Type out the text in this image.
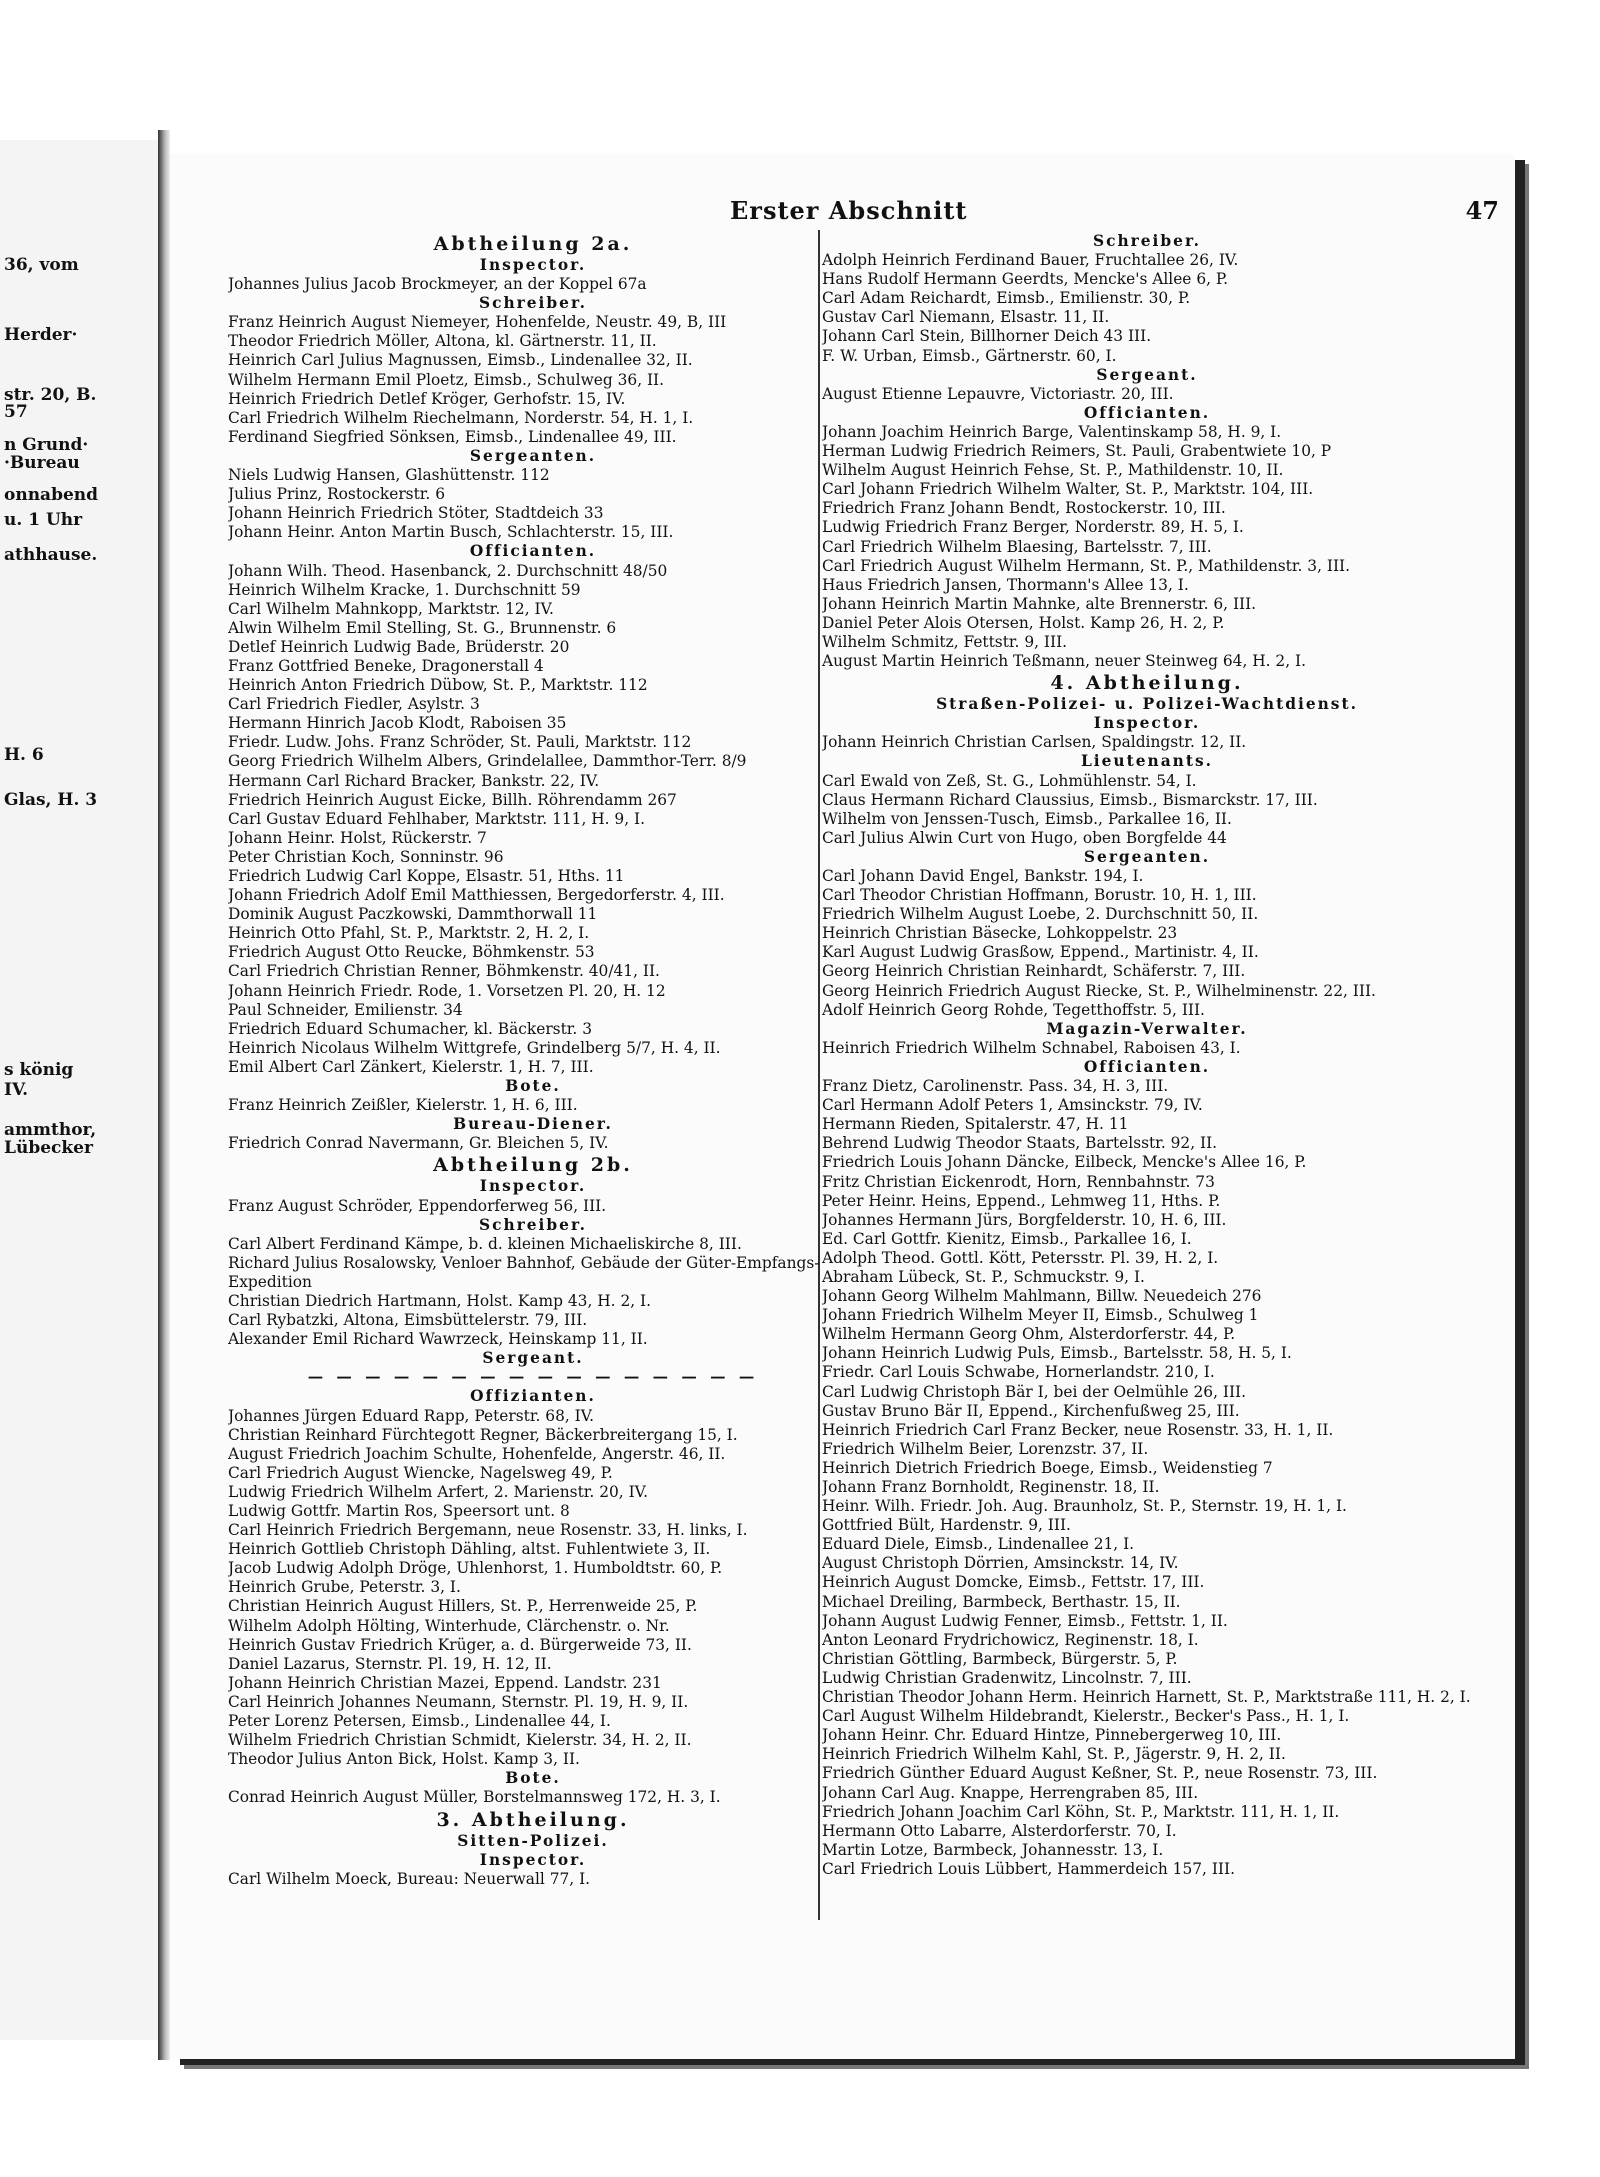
36, vom
Herder·
str. 20, B.
57
n Grund·
·Bureau
onnabend
u. 1 Uhr
athhause.
H. 6
Glas, H. 3
s könig
IV.
ammthor,
Lübecker
Erster Abschnitt	47
Abtheilung 2a.
Inspector.
Johannes Julius Jacob Brockmeyer, an der Koppel 67a
Schreiber.
Franz Heinrich August Niemeyer, Hohenfelde, Neustr. 49, B, III
Theodor Friedrich Möller, Altona, kl. Gärtnerstr. 11, II.
Heinrich Carl Julius Magnussen, Eimsb., Lindenallee 32, II.
Wilhelm Hermann Emil Ploetz, Eimsb., Schulweg 36, II.
Heinrich Friedrich Detlef Kröger, Gerhofstr. 15, IV.
Carl Friedrich Wilhelm Riechelmann, Norderstr. 54, H. 1, I.
Ferdinand Siegfried Sönksen, Eimsb., Lindenallee 49, III.
Sergeanten.
Niels Ludwig Hansen, Glashüttenstr. 112
Julius Prinz, Rostockerstr. 6
Johann Heinrich Friedrich Stöter, Stadtdeich 33
Johann Heinr. Anton Martin Busch, Schlachterstr. 15, III.
Officianten.
Johann Wilh. Theod. Hasenbanck, 2. Durchschnitt 48/50
Heinrich Wilhelm Kracke, 1. Durchschnitt 59
Carl Wilhelm Mahnkopp, Marktstr. 12, IV.
Alwin Wilhelm Emil Stelling, St. G., Brunnenstr. 6
Detlef Heinrich Ludwig Bade, Brüderstr. 20
Franz Gottfried Beneke, Dragonerstall 4
Heinrich Anton Friedrich Dübow, St. P., Marktstr. 112
Carl Friedrich Fiedler, Asylstr. 3
Hermann Hinrich Jacob Klodt, Raboisen 35
Friedr. Ludw. Johs. Franz Schröder, St. Pauli, Marktstr. 112
Georg Friedrich Wilhelm Albers, Grindelallee, Dammthor-Terr. 8/9
Hermann Carl Richard Bracker, Bankstr. 22, IV.
Friedrich Heinrich August Eicke, Billh. Röhrendamm 267
Carl Gustav Eduard Fehlhaber, Marktstr. 111, H. 9, I.
Johann Heinr. Holst, Rückerstr. 7
Peter Christian Koch, Sonninstr. 96
Friedrich Ludwig Carl Koppe, Elsastr. 51, Hths. 11
Johann Friedrich Adolf Emil Matthiessen, Bergedorferstr. 4, III.
Dominik August Paczkowski, Dammthorwall 11
Heinrich Otto Pfahl, St. P., Marktstr. 2, H. 2, I.
Friedrich August Otto Reucke, Böhmkenstr. 53
Carl Friedrich Christian Renner, Böhmkenstr. 40/41, II.
Johann Heinrich Friedr. Rode, 1. Vorsetzen Pl. 20, H. 12
Paul Schneider, Emilienstr. 34
Friedrich Eduard Schumacher, kl. Bäckerstr. 3
Heinrich Nicolaus Wilhelm Wittgrefe, Grindelberg 5/7, H. 4, II.
Emil Albert Carl Zänkert, Kielerstr. 1, H. 7, III.
Bote.
Franz Heinrich Zeißler, Kielerstr. 1, H. 6, III.
Bureau-Diener.
Friedrich Conrad Navermann, Gr. Bleichen 5, IV.
Abtheilung 2b.
Inspector.
Franz August Schröder, Eppendorferweg 56, III.
Schreiber.
Carl Albert Ferdinand Kämpe, b. d. kleinen Michaeliskirche 8, III.
Richard Julius Rosalowsky, Venloer Bahnhof, Gebäude der Güter-Empfangs-Expedition
Christian Diedrich Hartmann, Holst. Kamp 43, H. 2, I.
Carl Rybatzki, Altona, Eimsbüttelerstr. 79, III.
Alexander Emil Richard Wawrzeck, Heinskamp 11, II.
Sergeant.
— — — — — — — — — — — — — — — —
Offizianten.
Johannes Jürgen Eduard Rapp, Peterstr. 68, IV.
Christian Reinhard Fürchtegott Regner, Bäckerbreitergang 15, I.
August Friedrich Joachim Schulte, Hohenfelde, Angerstr. 46, II.
Carl Friedrich August Wiencke, Nagelsweg 49, P.
Ludwig Friedrich Wilhelm Arfert, 2. Marienstr. 20, IV.
Ludwig Gottfr. Martin Ros, Speersort unt. 8
Carl Heinrich Friedrich Bergemann, neue Rosenstr. 33, H. links, I.
Heinrich Gottlieb Christoph Dähling, altst. Fuhlentwiete 3, II.
Jacob Ludwig Adolph Dröge, Uhlenhorst, 1. Humboldtstr. 60, P.
Heinrich Grube, Peterstr. 3, I.
Christian Heinrich August Hillers, St. P., Herrenweide 25, P.
Wilhelm Adolph Hölting, Winterhude, Clärchenstr. o. Nr.
Heinrich Gustav Friedrich Krüger, a. d. Bürgerweide 73, II.
Daniel Lazarus, Sternstr. Pl. 19, H. 12, II.
Johann Heinrich Christian Mazei, Eppend. Landstr. 231
Carl Heinrich Johannes Neumann, Sternstr. Pl. 19, H. 9, II.
Peter Lorenz Petersen, Eimsb., Lindenallee 44, I.
Wilhelm Friedrich Christian Schmidt, Kielerstr. 34, H. 2, II.
Theodor Julius Anton Bick, Holst. Kamp 3, II.
Bote.
Conrad Heinrich August Müller, Borstelmannsweg 172, H. 3, I.
3. Abtheilung.
Sitten-Polizei.
Inspector.
Carl Wilhelm Moeck, Bureau: Neuerwall 77, I.
Schreiber.
Adolph Heinrich Ferdinand Bauer, Fruchtallee 26, IV.
Hans Rudolf Hermann Geerdts, Mencke's Allee 6, P.
Carl Adam Reichardt, Eimsb., Emilienstr. 30, P.
Gustav Carl Niemann, Elsastr. 11, II.
Johann Carl Stein, Billhorner Deich 43 III.
F. W. Urban, Eimsb., Gärtnerstr. 60, I.
Sergeant.
August Etienne Lepauvre, Victoriastr. 20, III.
Officianten.
Johann Joachim Heinrich Barge, Valentinskamp 58, H. 9, I.
Herman Ludwig Friedrich Reimers, St. Pauli, Grabentwiete 10, P
Wilhelm August Heinrich Fehse, St. P., Mathildenstr. 10, II.
Carl Johann Friedrich Wilhelm Walter, St. P., Marktstr. 104, III.
Friedrich Franz Johann Bendt, Rostockerstr. 10, III.
Ludwig Friedrich Franz Berger, Norderstr. 89, H. 5, I.
Carl Friedrich Wilhelm Blaesing, Bartelsstr. 7, III.
Carl Friedrich August Wilhelm Hermann, St. P., Mathildenstr. 3, III.
Haus Friedrich Jansen, Thormann's Allee 13, I.
Johann Heinrich Martin Mahnke, alte Brennerstr. 6, III.
Daniel Peter Alois Otersen, Holst. Kamp 26, H. 2, P.
Wilhelm Schmitz, Fettstr. 9, III.
August Martin Heinrich Teßmann, neuer Steinweg 64, H. 2, I.
4. Abtheilung.
Straßen-Polizei- u. Polizei-Wachtdienst.
Inspector.
Johann Heinrich Christian Carlsen, Spaldingstr. 12, II.
Lieutenants.
Carl Ewald von Zeß, St. G., Lohmühlenstr. 54, I.
Claus Hermann Richard Claussius, Eimsb., Bismarckstr. 17, III.
Wilhelm von Jenssen-Tusch, Eimsb., Parkallee 16, II.
Carl Julius Alwin Curt von Hugo, oben Borgfelde 44
Sergeanten.
Carl Johann David Engel, Bankstr. 194, I.
Carl Theodor Christian Hoffmann, Borustr. 10, H. 1, III.
Friedrich Wilhelm August Loebe, 2. Durchschnitt 50, II.
Heinrich Christian Bäsecke, Lohkoppelstr. 23
Karl August Ludwig Grasßow, Eppend., Martinistr. 4, II.
Georg Heinrich Christian Reinhardt, Schäferstr. 7, III.
Georg Heinrich Friedrich August Riecke, St. P., Wilhelminenstr. 22, III.
Adolf Heinrich Georg Rohde, Tegetthoffstr. 5, III.
Magazin-Verwalter.
Heinrich Friedrich Wilhelm Schnabel, Raboisen 43, I.
Officianten.
Franz Dietz, Carolinenstr. Pass. 34, H. 3, III.
Carl Hermann Adolf Peters 1, Amsinckstr. 79, IV.
Hermann Rieden, Spitalerstr. 47, H. 11
Behrend Ludwig Theodor Staats, Bartelsstr. 92, II.
Friedrich Louis Johann Däncke, Eilbeck, Mencke's Allee 16, P.
Fritz Christian Eickenrodt, Horn, Rennbahnstr. 73
Peter Heinr. Heins, Eppend., Lehmweg 11, Hths. P.
Johannes Hermann Jürs, Borgfelderstr. 10, H. 6, III.
Ed. Carl Gottfr. Kienitz, Eimsb., Parkallee 16, I.
Adolph Theod. Gottl. Kött, Petersstr. Pl. 39, H. 2, I.
Abraham Lübeck, St. P., Schmuckstr. 9, I.
Johann Georg Wilhelm Mahlmann, Billw. Neuedeich 276
Johann Friedrich Wilhelm Meyer II, Eimsb., Schulweg 1
Wilhelm Hermann Georg Ohm, Alsterdorferstr. 44, P.
Johann Heinrich Ludwig Puls, Eimsb., Bartelsstr. 58, H. 5, I.
Friedr. Carl Louis Schwabe, Hornerlandstr. 210, I.
Carl Ludwig Christoph Bär I, bei der Oelmühle 26, III.
Gustav Bruno Bär II, Eppend., Kirchenfußweg 25, III.
Heinrich Friedrich Carl Franz Becker, neue Rosenstr. 33, H. 1, II.
Friedrich Wilhelm Beier, Lorenzstr. 37, II.
Heinrich Dietrich Friedrich Boege, Eimsb., Weidenstieg 7
Johann Franz Bornholdt, Reginenstr. 18, II.
Heinr. Wilh. Friedr. Joh. Aug. Braunholz, St. P., Sternstr. 19, H. 1, I.
Gottfried Bült, Hardenstr. 9, III.
Eduard Diele, Eimsb., Lindenallee 21, I.
August Christoph Dörrien, Amsinckstr. 14, IV.
Heinrich August Domcke, Eimsb., Fettstr. 17, III.
Michael Dreiling, Barmbeck, Berthastr. 15, II.
Johann August Ludwig Fenner, Eimsb., Fettstr. 1, II.
Anton Leonard Frydrichowicz, Reginenstr. 18, I.
Christian Göttling, Barmbeck, Bürgerstr. 5, P.
Ludwig Christian Gradenwitz, Lincolnstr. 7, III.
Christian Theodor Johann Herm. Heinrich Harnett, St. P., Marktstraße 111, H. 2, I.
Carl August Wilhelm Hildebrandt, Kielerstr., Becker's Pass., H. 1, I.
Johann Heinr. Chr. Eduard Hintze, Pinnebergerweg 10, III.
Heinrich Friedrich Wilhelm Kahl, St. P., Jägerstr. 9, H. 2, II.
Friedrich Günther Eduard August Keßner, St. P., neue Rosenstr. 73, III.
Johann Carl Aug. Knappe, Herrengraben 85, III.
Friedrich Johann Joachim Carl Köhn, St. P., Marktstr. 111, H. 1, II.
Hermann Otto Labarre, Alsterdorferstr. 70, I.
Martin Lotze, Barmbeck, Johannesstr. 13, I.
Carl Friedrich Louis Lübbert, Hammerdeich 157, III.
